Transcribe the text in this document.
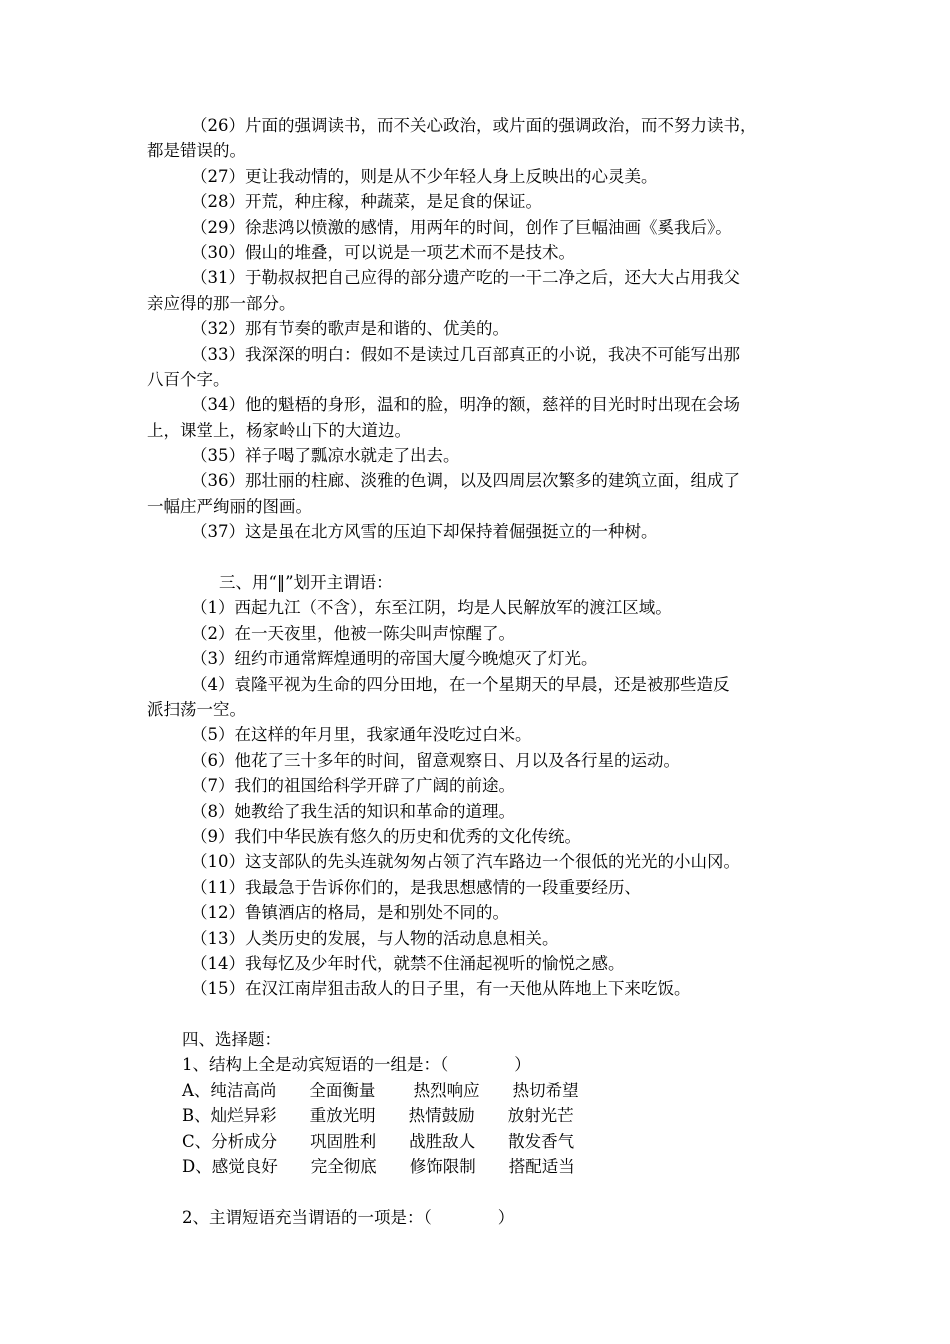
（26）片面的强调读书，而不关心政治，或片面的强调政治，而不努力读书，
都是错误的。
（27）更让我动情的，则是从不少年轻人身上反映出的心灵美。
（28）开荒，种庄稼，种蔬菜，是足食的保证。
（29）徐悲鸿以愤激的感情，用两年的时间，创作了巨幅油画《奚我后》。
（30）假山的堆叠，可以说是一项艺术而不是技术。
（31）于勒叔叔把自己应得的部分遗产吃的一干二净之后，还大大占用我父
亲应得的那一部分。
（32）那有节奏的歌声是和谐的、优美的。
（33）我深深的明白：假如不是读过几百部真正的小说，我决不可能写出那
八百个字。
（34）他的魁梧的身形，温和的脸，明净的额，慈祥的目光时时出现在会场
上，课堂上，杨家岭山下的大道边。
（35）祥子喝了瓢凉水就走了出去。
（36）那壮丽的柱廊、淡雅的色调，以及四周层次繁多的建筑立面，组成了
一幅庄严绚丽的图画。
（37）这是虽在北方风雪的压迫下却保持着倔强挺立的一种树。
三、用“‖”划开主谓语：
（1）西起九江（不含），东至江阴，均是人民解放军的渡江区域。
（2）在一天夜里，他被一陈尖叫声惊醒了。
（3）纽约市通常辉煌通明的帝国大厦今晚熄灭了灯光。
（4）袁隆平视为生命的四分田地，在一个星期天的早晨，还是被那些造反
派扫荡一空。
（5）在这样的年月里，我家通年没吃过白米。
（6）他花了三十多年的时间，留意观察日、月以及各行星的运动。
（7）我们的祖国给科学开辟了广阔的前途。
（8）她教给了我生活的知识和革命的道理。
（9）我们中华民族有悠久的历史和优秀的文化传统。
（10）这支部队的先头连就匆匆占领了汽车路边一个很低的光光的小山冈。
（11）我最急于告诉你们的，是我思想感情的一段重要经历、
（12）鲁镇酒店的格局，是和别处不同的。
（13）人类历史的发展，与人物的活动息息相关。
（14）我每忆及少年时代，就禁不住涌起视听的愉悦之感。
（15）在汉江南岸狙击敌人的日子里，有一天他从阵地上下来吃饭。
四、选择题：
1、结构上全是动宾短语的一组是：（　　　　）
A、纯洁高尚　　全面衡量　　 热烈响应　　热切希望
B、灿烂异彩　　重放光明　　热情鼓励　　放射光芒
C、分析成分　　巩固胜利　　战胜敌人　　散发香气
D、感觉良好　　完全彻底　　修饰限制　　搭配适当
2、主谓短语充当谓语的一项是：（　　　　）
